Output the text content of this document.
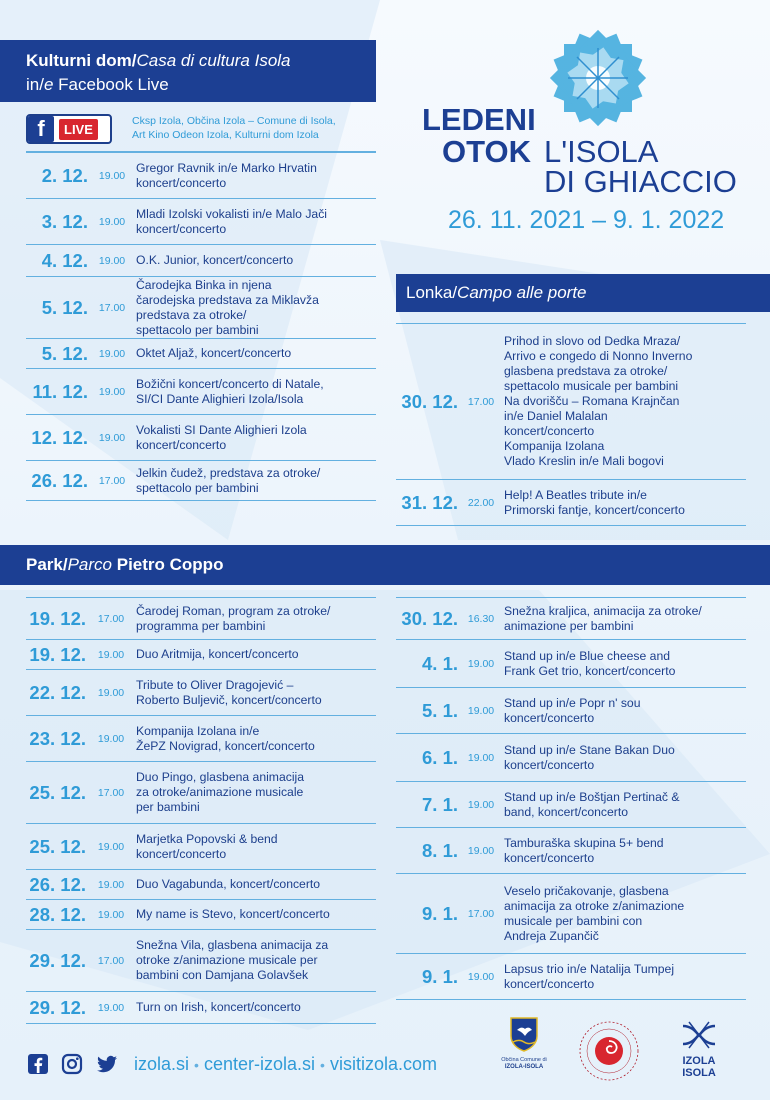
Kulturni dom/Casa di cultura Isola
in/e Facebook Live
f	LIVE
Cksp Izola, Občina Izola – Comune di Isola,
Art Kino Odeon Izola, Kulturni dom Izola
2. 12.	19.00
Gregor Ravnik in/e Marko Hrvatin
koncert/concerto
3. 12.	19.00
Mladi Izolski vokalisti in/e Malo Jači
koncert/concerto
4. 12.	19.00 O.K. Junior, koncert/concerto
5. 12.	17.00
Čarodejka Binka in njena
čarodejska predstava za Miklavža
predstava za otroke/
spettacolo per bambini
5. 12.	19.00 Oktet Aljaž, koncert/concerto
11. 12.	19.00
Božični koncert/concerto di Natale,
SI/CI Dante Alighieri Izola/Isola
12. 12.	19.00
Vokalisti SI Dante Alighieri Izola
koncert/concerto
26. 12.	17.00
Jelkin čudež, predstava za otroke/
spettacolo per bambini
LEDENI
OTOK L'ISOLA
DI GHIACCIO
26. 11. 2021 – 9. 1. 2022
Lonka/Campo alle porte
Park/Parco Pietro Coppo
izola.si • center-izola.si • visitizola.com	Občina Comune di
IZOLA-ISOLA	IZOLA
ISOLA
30. 12. 17.00
Prihod in slovo od Dedka Mraza/
Arrivo e congedo di Nonno Inverno
glasbena predstava za otroke/
spettacolo musicale per bambini
Na dvorišču – Romana Krajnčan
in/e Daniel Malalan
koncert/concerto
Kompanija Izolana
Vlado Kreslin in/e Mali bogovi
31. 12. 22.00
Help! A Beatles tribute in/e
Primorski fantje, koncert/concerto
19. 12.	17.00
Čarodej Roman, program za otroke/
programma per bambini
19. 12.	19.00 Duo Aritmija, koncert/concerto
22. 12.	19.00
Tribute to Oliver Dragojević –
Roberto Buljevič, koncert/concerto
23. 12.	19.00
Kompanija Izolana in/e
ŽePZ Novigrad, koncert/concerto
25. 12.	17.00
Duo Pingo, glasbena animacija
za otroke/animazione musicale
per bambini
25. 12.	19.00
Marjetka Popovski & bend
koncert/concerto
26. 12.	19.00 Duo Vagabunda, koncert/concerto
28. 12.	19.00 My name is Stevo, koncert/concerto
29. 12.	17.00
Snežna Vila, glasbena animacija za
otroke z/animazione musicale per
bambini con Damjana Golavšek
29. 12.	19.00 Turn on Irish, koncert/concerto
30. 12. 16.30
Snežna kraljica, animacija za otroke/
animazione per bambini
4. 1. 19.00
Stand up in/e Blue cheese and
Frank Get trio, koncert/concerto
5. 1. 19.00
Stand up in/e Popr n' sou
koncert/concerto
6. 1. 19.00
Stand up in/e Stane Bakan Duo
koncert/concerto
7. 1. 19.00
Stand up in/e Boštjan Pertinač &
band, koncert/concerto
8. 1. 19.00
Tamburaška skupina 5+ bend
koncert/concerto
9. 1. 17.00
Veselo pričakovanje, glasbena
animacija za otroke z/animazione
musicale per bambini con
Andreja Zupančič
9. 1. 19.00
Lapsus trio in/e Natalija Tumpej
koncert/concerto
